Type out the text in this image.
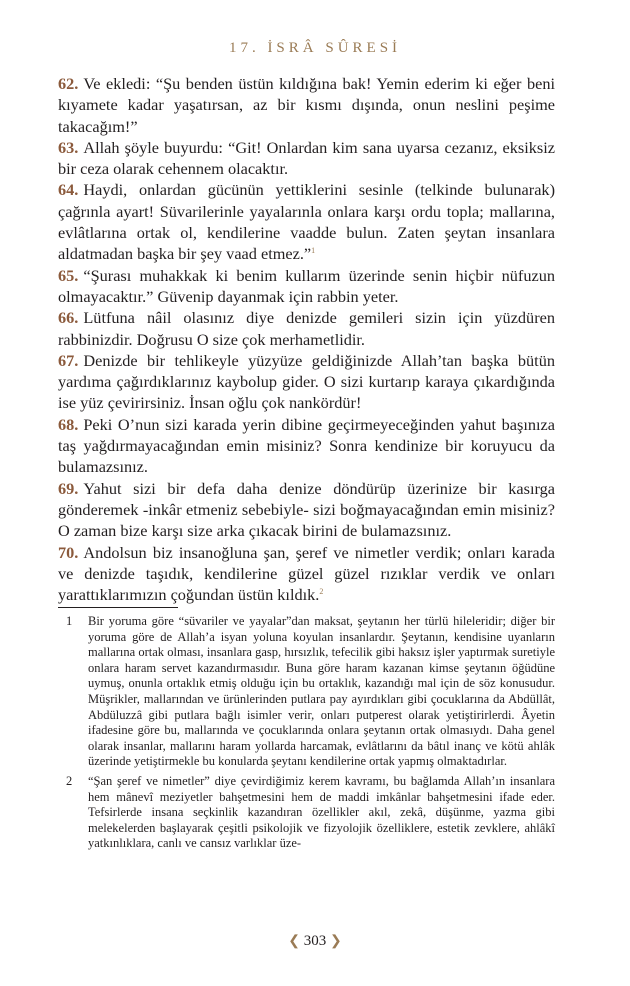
17. İSRÂ SÛRESİ

62. Ve ekledi: “Şu benden üstün kıldığına bak! Yemin ederim ki eğer beni kıyamete kadar yaşatırsan, az bir kısmı dışında, onun neslini peşime takacağım!”

63. Allah şöyle buyurdu: “Git! Onlardan kim sana uyarsa cezanız, eksiksiz bir ceza olarak cehennem olacaktır.

64. Haydi, onlardan gücünün yettiklerini sesinle (telkinde bulunarak) çağrınla ayart! Süvarilerinle yayalarınla onlara karşı ordu topla; mallarına, evlâtlarına ortak ol, kendilerine vaadde bulun. Zaten şeytan insanlara aldatmadan başka bir şey vaad etmez.”$^1$

65. “Şurası muhakkak ki benim kullarım üzerinde senin hiçbir nüfuzun olmayacaktır.” Güvenip dayanmak için rabbin yeter.

66. Lütfuna nâil olasınız diye denizde gemileri sizin için yüzdüren rabbinizdir. Doğrusu O size çok merhametlidir.

67. Denizde bir tehlikeyle yüzyüze geldiğinizde Allah’tan başka bütün yardıma çağırdıklarınız kaybolup gider. O sizi kurtarıp karaya çıkardığında ise yüz çevirirsiniz. İnsan oğlu çok nankördür!

68. Peki O’nun sizi karada yerin dibine geçirmeyeceğinden yahut başınıza taş yağdırmayacağından emin misiniz? Sonra kendinize bir koruyucu da bulamazsınız.

69. Yahut sizi bir defa daha denize döndürüp üzerinize bir kasırga gönderemek -inkâr etmeniz sebebiyle- sizi boğmayacağından emin misiniz? O zaman bize karşı size arka çıkacak birini de bulamazsınız.

70. Andolsun biz insanoğluna şan, şeref ve nimetler verdik; onları karada ve denizde taşıdık, kendilerine güzel güzel rızıklar verdik ve onları yarattıklarımızın çoğundan üstün kıldık.$^2$

1	Bir yoruma göre “süvariler ve yayalar”dan maksat, şeytanın her türlü hileleridir; diğer bir yoruma göre de Allah’a isyan yoluna koyulan insanlardır. Şeytanın, kendisine uyanların mallarına ortak olması, insanlara gasp, hırsızlık, tefecilik gibi haksız işler yaptırmak suretiyle onlara haram servet kazandırmasıdır. Buna göre haram kazanan kimse şeytanın öğüdüne uymuş, onunla ortaklık etmiş olduğu için bu ortaklık, kazandığı mal için de söz konusudur. Müşrikler, mallarından ve ürünlerinden putlara pay ayırdıkları gibi çocuklarına da Abdüllât, Abdüluzzâ gibi putlara bağlı isimler verir, onları putperest olarak yetiştirirlerdi. Âyetin ifadesine göre bu, mallarında ve çocuklarında onlara şeytanın ortak olmasıydı. Daha genel olarak insanlar, mallarını haram yollarda harcamak, evlâtlarını da bâtıl inanç ve kötü ahlâk üzerinde yetiştirmekle bu konularda şeytanı kendilerine ortak yapmış olmaktadırlar.
2	“Şan şeref ve nimetler” diye çevirdiğimiz kerem kavramı, bu bağlamda Allah’ın insanlara hem mânevî meziyetler bahşetmesini hem de maddi imkânlar bahşetmesini ifade eder. Tefsirlerde insana seçkinlik kazandıran özellikler akıl, zekâ, düşünme, yazma gibi melekelerden başlayarak çeşitli psikolojik ve fizyolojik özelliklere, estetik zevklere, ahlâkî yatkınlıklara, canlı ve cansız varlıklar üze-
❮ 303 ❯
